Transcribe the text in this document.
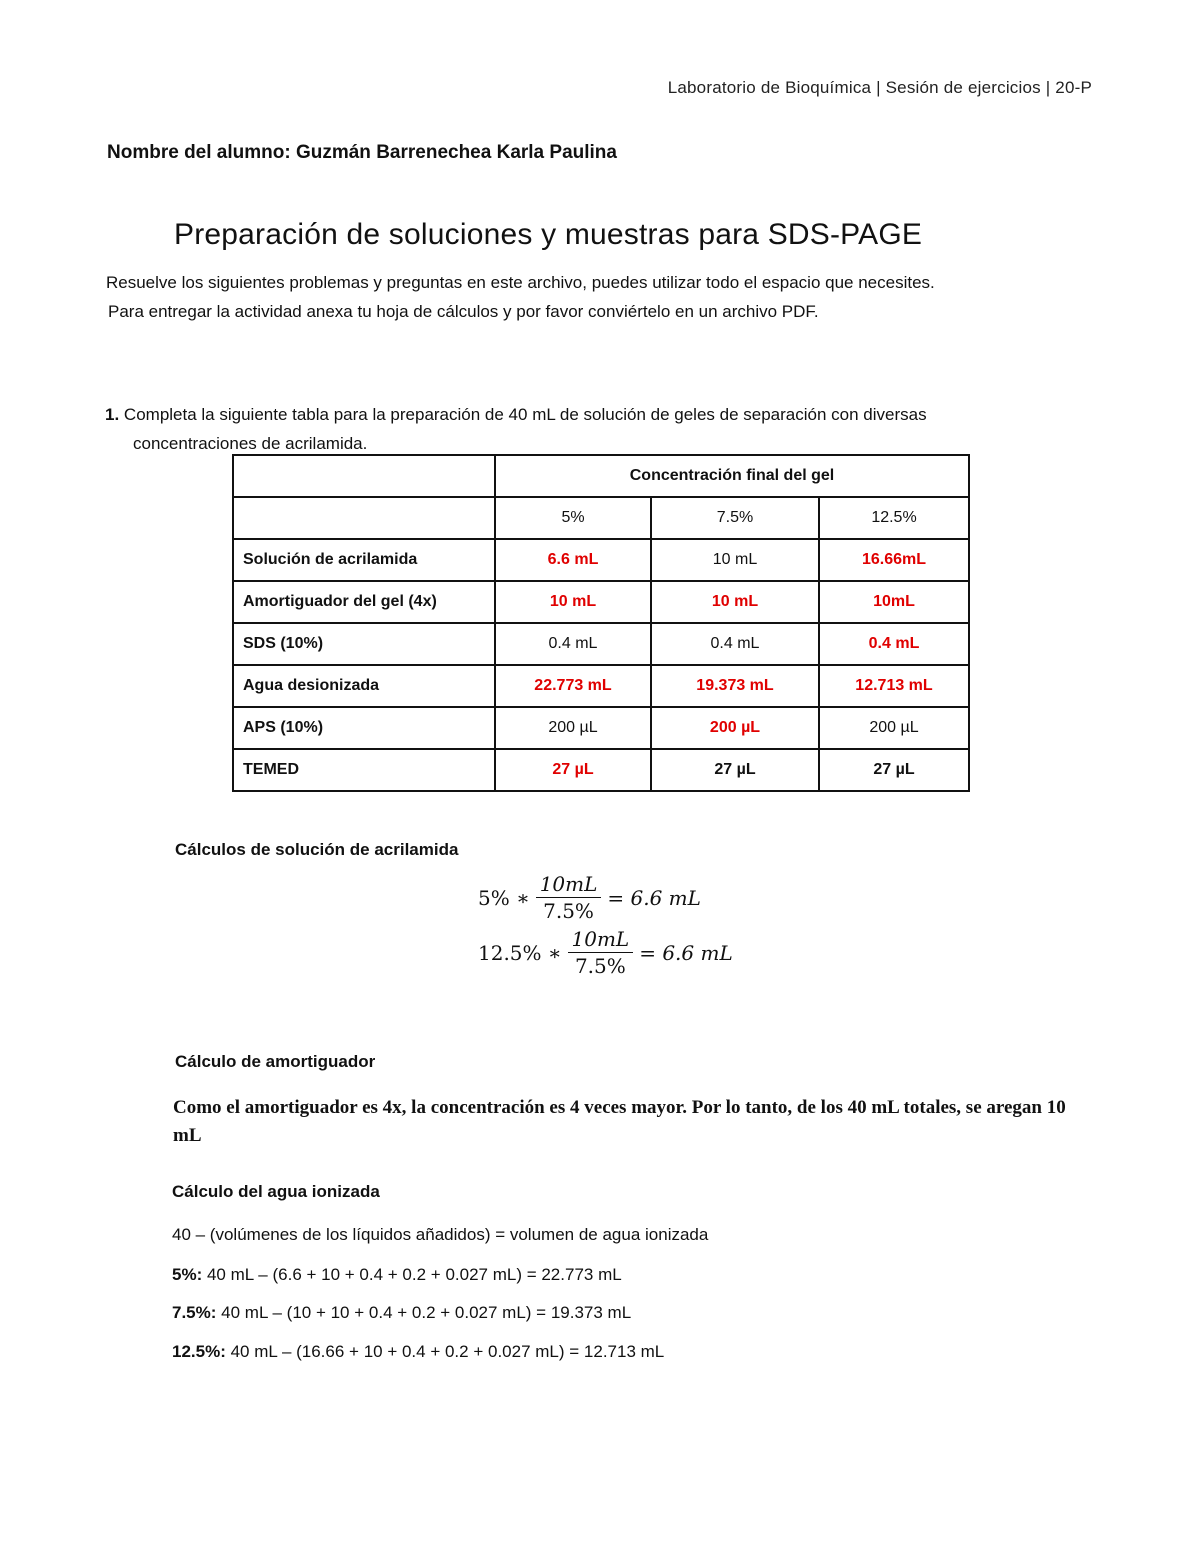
Laboratorio de Bioquímica | Sesión de ejercicios | 20-P
Nombre del alumno: Guzmán Barrenechea Karla Paulina
Preparación de soluciones y muestras para SDS-PAGE
Resuelve los siguientes problemas y preguntas en este archivo, puedes utilizar todo el espacio que necesites.
Para entregar la actividad anexa tu hoja de cálculos y por favor conviértelo en un archivo PDF.
1. Completa la siguiente tabla para la preparación de 40 mL de solución de geles de separación con diversas
concentraciones de acrilamida.
	Concentración final del gel		
	5%	7.5%	12.5%
Solución de acrilamida	6.6 mL	10 mL	16.66mL
Amortiguador del gel (4x)	10 mL	10 mL	10mL
SDS (10%)	0.4 mL	0.4 mL	0.4 mL
Agua desionizada	22.773 mL	19.373 mL	12.713 mL
APS (10%)	200 µL	200 µL	200 µL
TEMED	27 µL	27 µL	27 µL
Cálculos de solución de acrilamida
5% ∗ $\frac{10mL}{7.5\%} = 6.6$ mL
12.5% ∗ $\frac{10mL}{7.5\%} = 6.6$ mL
Cálculo de amortiguador
Como el amortiguador es 4x, la concentración es 4 veces mayor. Por lo tanto, de los 40 mL totales, se aregan 10 mL
Cálculo del agua ionizada
40 – (volúmenes de los líquidos añadidos) = volumen de agua ionizada
5%: 40 mL – (6.6 + 10 + 0.4 + 0.2 + 0.027 mL) = 22.773 mL
7.5%: 40 mL – (10 + 10 + 0.4 + 0.2 + 0.027 mL) = 19.373 mL
12.5%: 40 mL – (16.66 + 10 + 0.4 + 0.2 + 0.027 mL) = 12.713 mL
